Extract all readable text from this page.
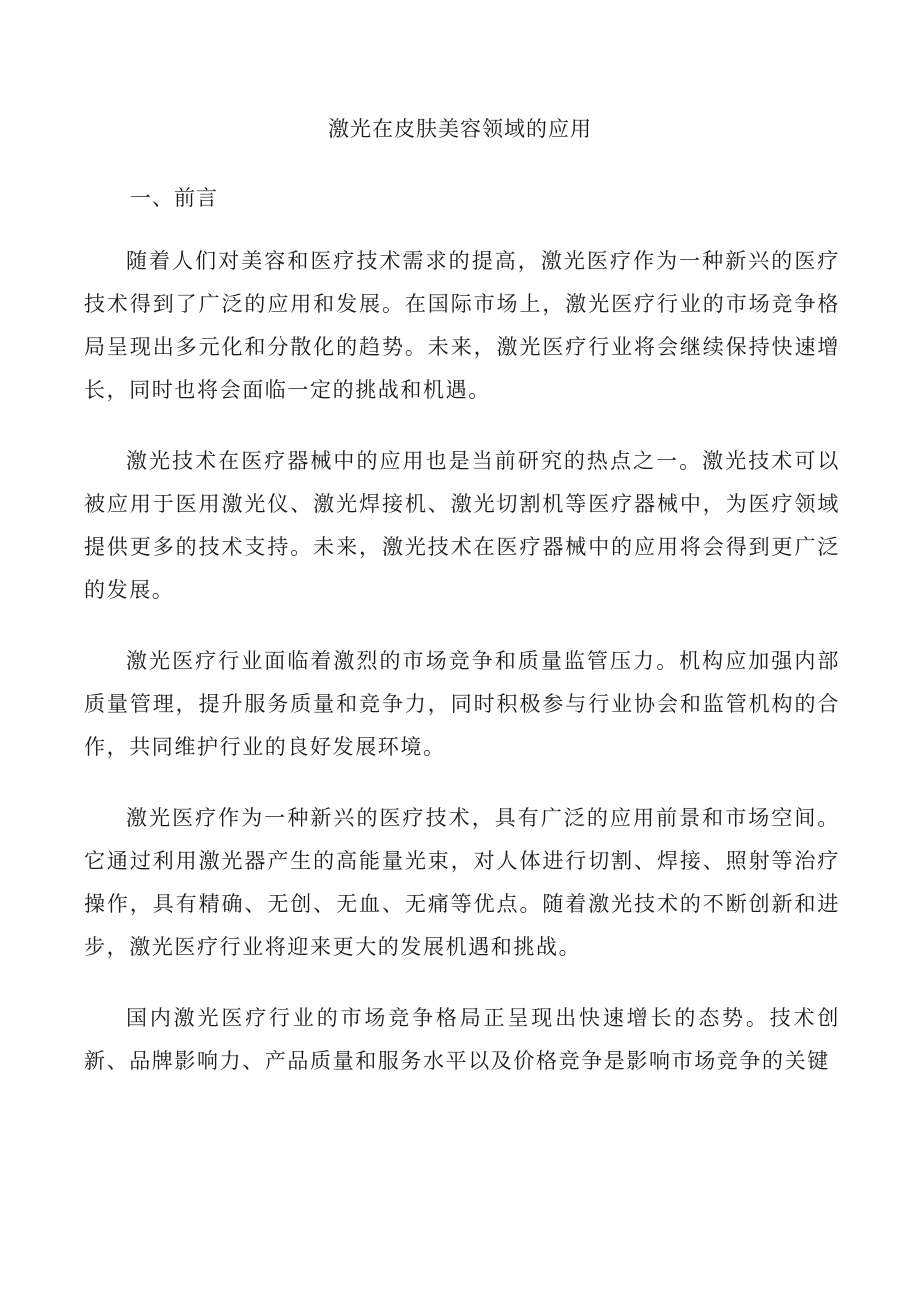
激光在皮肤美容领域的应用
一、前言

随着人们对美容和医疗技术需求的提高，激光医疗作为一种新兴的医疗技术得到了广泛的应用和发展。在国际市场上，激光医疗行业的市场竞争格局呈现出多元化和分散化的趋势。未来，激光医疗行业将会继续保持快速增长，同时也将会面临一定的挑战和机遇。

激光技术在医疗器械中的应用也是当前研究的热点之一。激光技术可以被应用于医用激光仪、激光焊接机、激光切割机等医疗器械中，为医疗领域提供更多的技术支持。未来，激光技术在医疗器械中的应用将会得到更广泛的发展。

激光医疗行业面临着激烈的市场竞争和质量监管压力。机构应加强内部质量管理，提升服务质量和竞争力，同时积极参与行业协会和监管机构的合作，共同维护行业的良好发展环境。

激光医疗作为一种新兴的医疗技术，具有广泛的应用前景和市场空间。它通过利用激光器产生的高能量光束，对人体进行切割、焊接、照射等治疗操作，具有精确、无创、无血、无痛等优点。随着激光技术的不断创新和进步，激光医疗行业将迎来更大的发展机遇和挑战。

国内激光医疗行业的市场竞争格局正呈现出快速增长的态势。技术创新、品牌影响力、产品质量和服务水平以及价格竞争是影响市场竞争的关键
